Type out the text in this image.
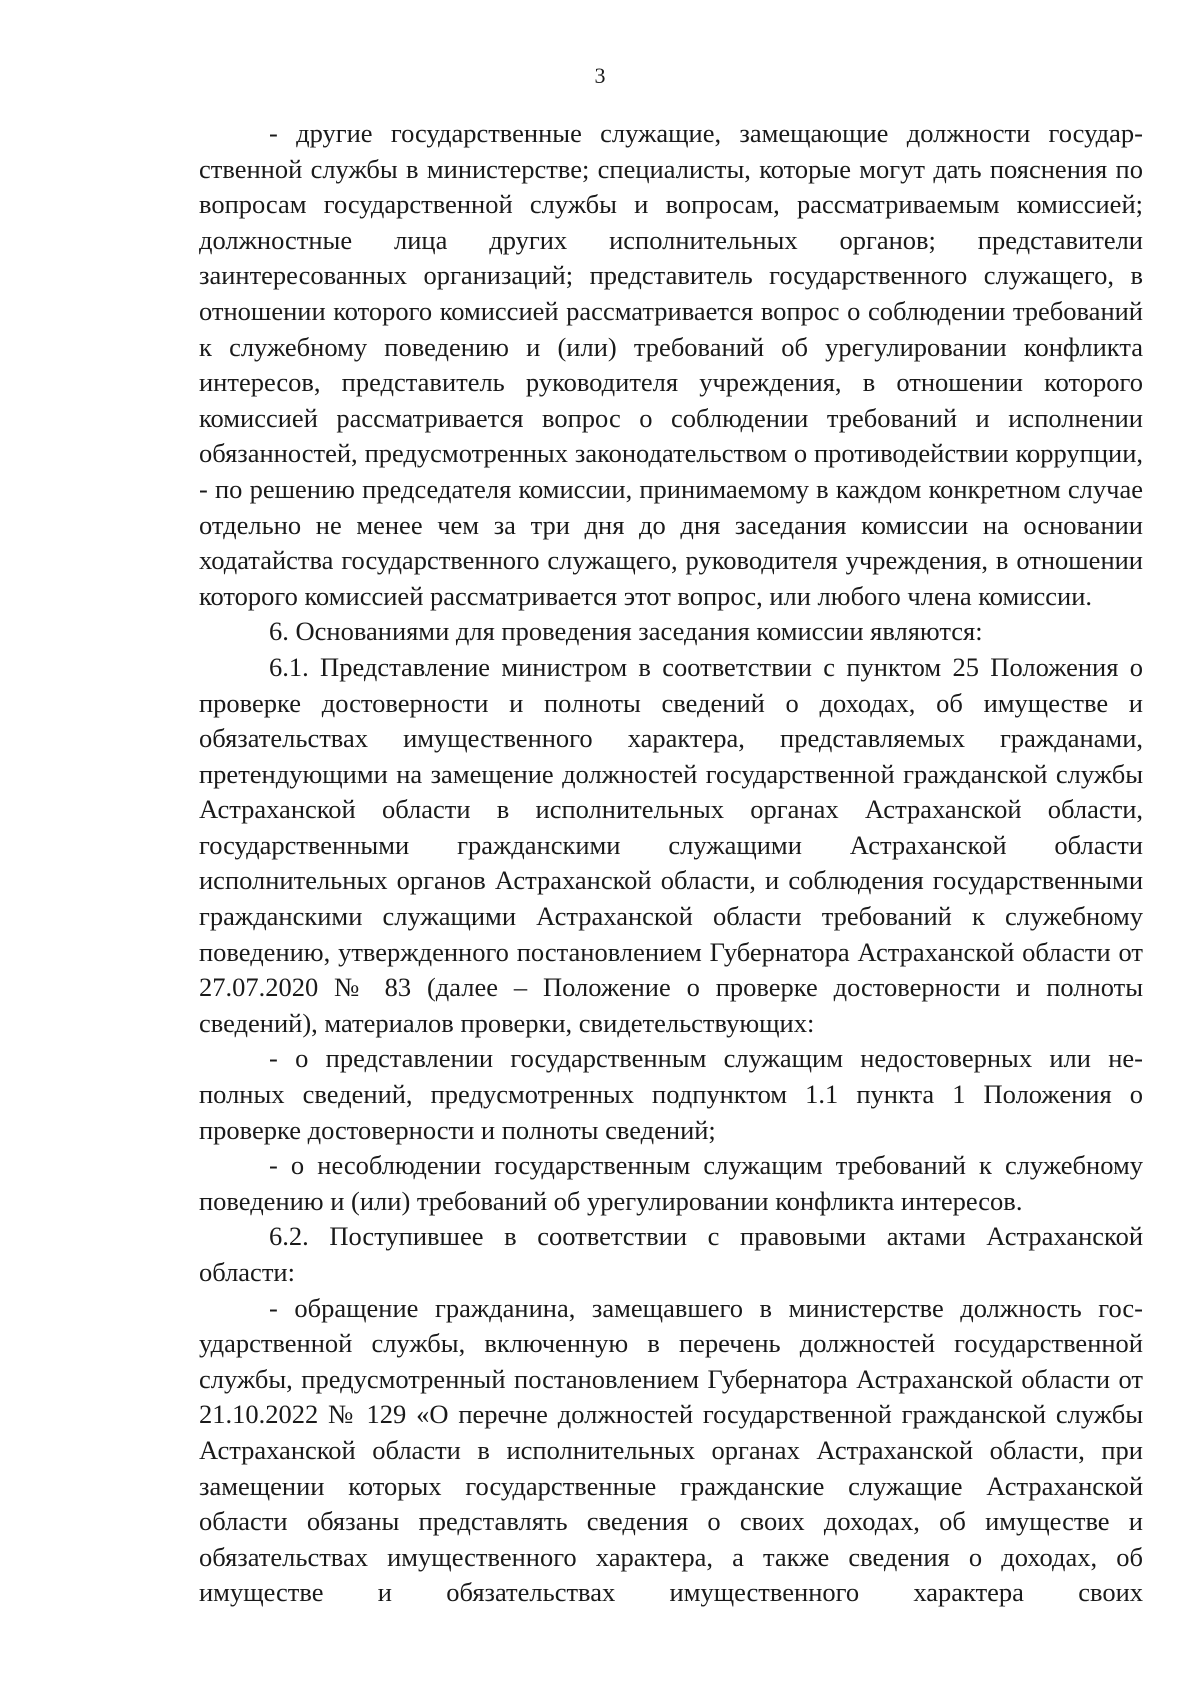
3

- другие государственные служащие, замещающие должности государственной службы в министерстве; специалисты, которые могут дать пояснения по вопросам государственной службы и вопросам, рассматриваемым комиссией; должностные лица других исполнительных органов; представители заинтересованных организаций; представитель государственного служащего, в отношении которого комиссией рассматривается вопрос о соблюдении требований к служебному поведению и (или) требований об урегулировании конфликта интересов, представитель руководителя учреждения, в отношении которого комиссией рассматривается вопрос о соблюдении требований и исполнении обязанностей, предусмотренных законодательством о противодействии коррупции, - по решению председателя комиссии, принимаемому в каждом конкретном случае отдельно не менее чем за три дня до дня заседания комиссии на основании ходатайства государственного служащего, руководителя учреждения, в отношении которого комиссией рассматривается этот вопрос, или любого члена комиссии.

6. Основаниями для проведения заседания комиссии являются:

6.1. Представление министром в соответствии с пунктом 25 Положения о проверке достоверности и полноты сведений о доходах, об имуществе и обязательствах имущественного характера, представляемых гражданами, претендующими на замещение должностей государственной гражданской службы Астраханской области в исполнительных органах Астраханской области, государственными гражданскими служащими Астраханской области исполнительных органов Астраханской области, и соблюдения государственными гражданскими служащими Астраханской области требований к служебному поведению, утвержденного постановлением Губернатора Астраханской области от 27.07.2020 № 83 (далее – Положение о проверке достоверности и полноты сведений), материалов проверки, свидетельствующих:

- о представлении государственным служащим недостоверных или неполных сведений, предусмотренных подпунктом 1.1 пункта 1 Положения о проверке достоверности и полноты сведений;

- о несоблюдении государственным служащим требований к служебному поведению и (или) требований об урегулировании конфликта интересов.

6.2. Поступившее в соответствии с правовыми актами Астраханской области:

- обращение гражданина, замещавшего в министерстве должность государственной службы, включенную в перечень должностей государственной службы, предусмотренный постановлением Губернатора Астраханской области от 21.10.2022 № 129 «О перечне должностей государственной гражданской службы Астраханской области в исполнительных органах Астраханской области, при замещении которых государственные гражданские служащие Астраханской области обязаны представлять сведения о своих доходах, об имуществе и обязательствах имущественного характера, а также сведения о доходах, об имуществе и обязательствах имущественного характера своих
